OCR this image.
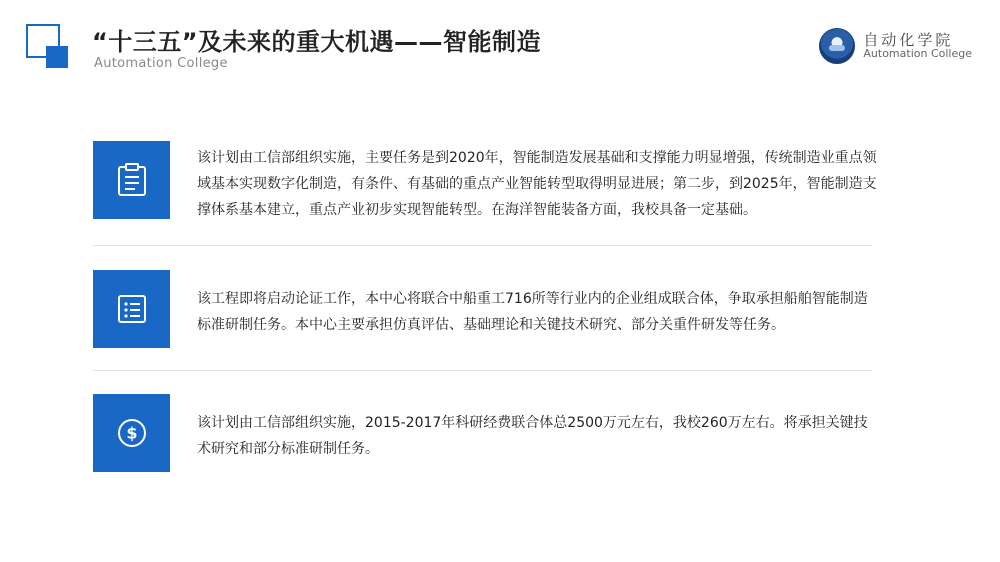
“十三五”及未来的重大机遇——智能制造
Automation College
自动化学院
Automation College
该计划由工信部组织实施，主要任务是到2020年，智能制造发展基础和支撑能力明显增强，传统制造业重点领域基本实现数字化制造，有条件、有基础的重点产业智能转型取得明显进展；第二步，到2025年，智能制造支撑体系基本建立，重点产业初步实现智能转型。在海洋智能装备方面，我校具备一定基础。
该工程即将启动论证工作，本中心将联合中船重工716所等行业内的企业组成联合体，争取承担船舶智能制造标准研制任务。本中心主要承担仿真评估、基础理论和关键技术研究、部分关重件研发等任务。
$
该计划由工信部组织实施，2015-2017年科研经费联合体总2500万元左右，我校260万左右。将承担关键技术研究和部分标准研制任务。
